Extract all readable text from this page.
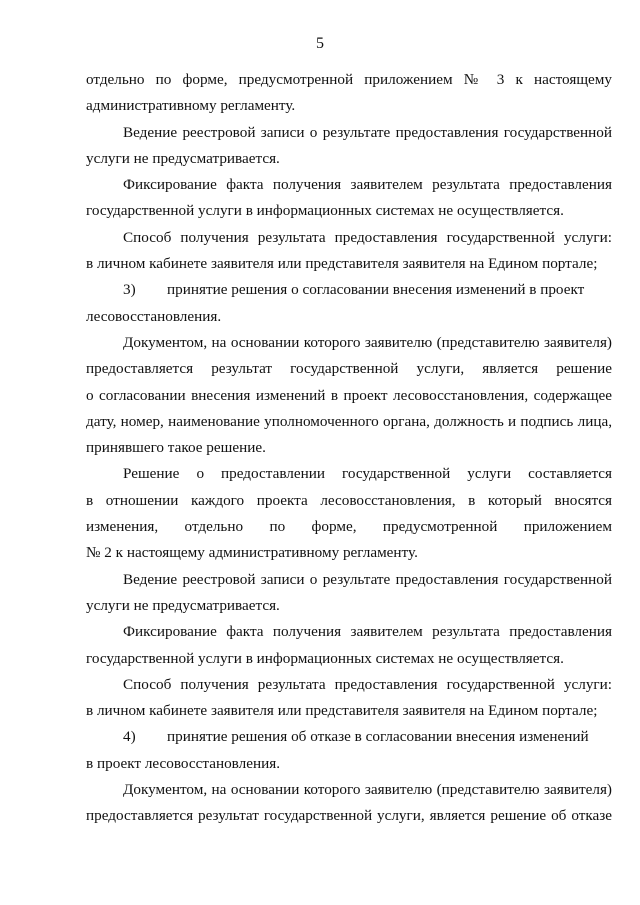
5
отдельно по форме, предусмотренной приложением № 3 к настоящему
административному регламенту.
Ведение реестровой записи о результате предоставления государственной
услуги не предусматривается.
Фиксирование факта получения заявителем результата предоставления
государственной услуги в информационных системах не осуществляется.
Способ получения результата предоставления государственной услуги:
в личном кабинете заявителя или представителя заявителя на Едином портале;
3) принятие решения о согласовании внесения изменений в проект
лесовосстановления.
Документом, на основании которого заявителю (представителю заявителя)
предоставляется результат государственной услуги, является решение
о согласовании внесения изменений в проект лесовосстановления, содержащее
дату, номер, наименование уполномоченного органа, должность и подпись лица,
принявшего такое решение.
Решение о предоставлении государственной услуги составляется
в отношении каждого проекта лесовосстановления, в который вносятся
изменения, отдельно по форме, предусмотренной приложением
№ 2 к настоящему административному регламенту.
Ведение реестровой записи о результате предоставления государственной
услуги не предусматривается.
Фиксирование факта получения заявителем результата предоставления
государственной услуги в информационных системах не осуществляется.
Способ получения результата предоставления государственной услуги:
в личном кабинете заявителя или представителя заявителя на Едином портале;
4) принятие решения об отказе в согласовании внесения изменений
в проект лесовосстановления.
Документом, на основании которого заявителю (представителю заявителя)
предоставляется результат государственной услуги, является решение об отказе
